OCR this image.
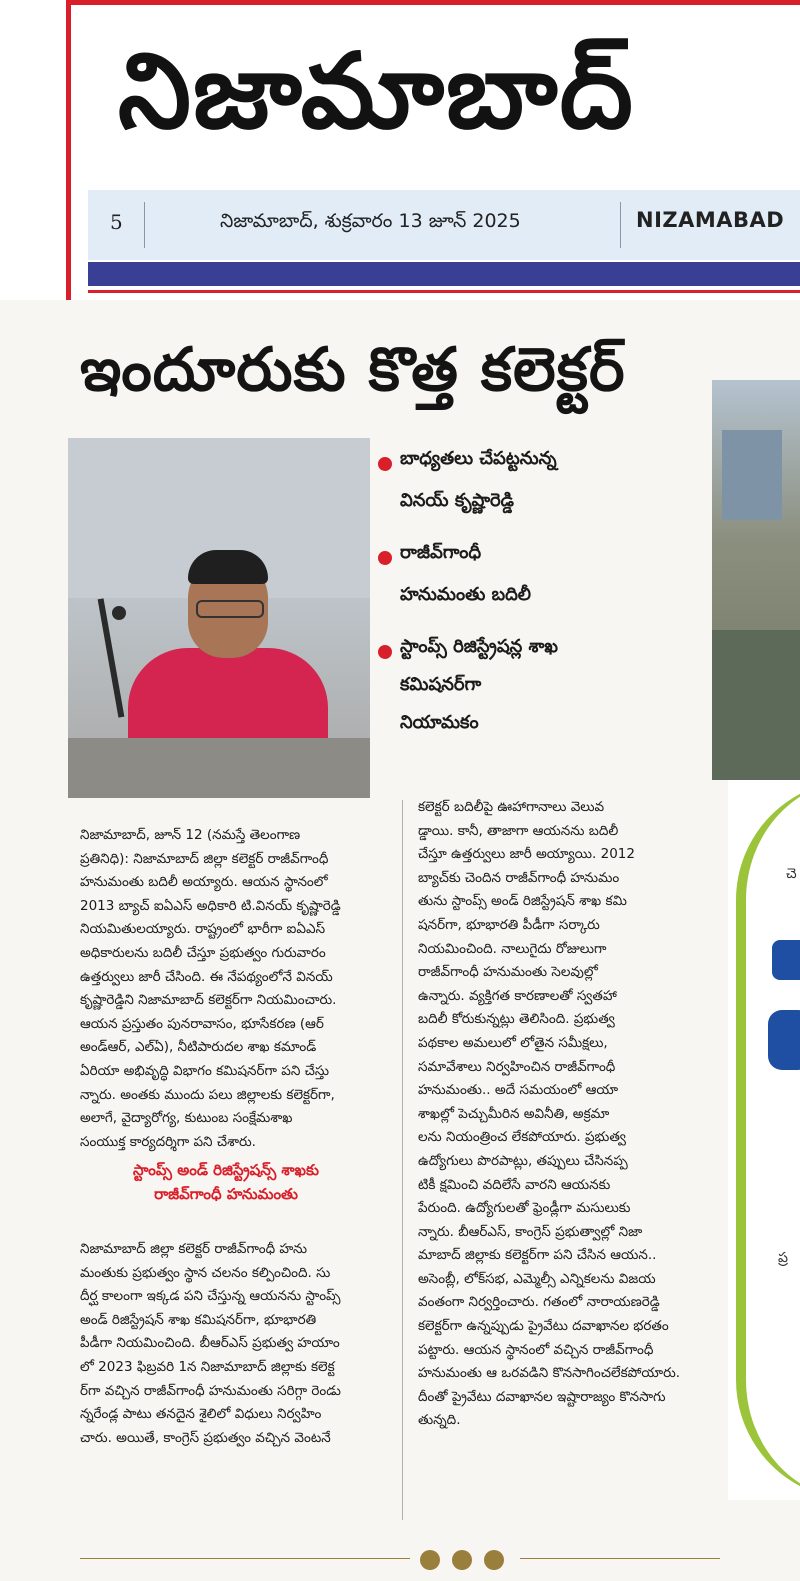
నిజామాబాద్
5	నిజామాబాద్, శుక్రవారం 13 జూన్ 2025	NIZAMABAD
ఇందూరుకు కొత్త కలెక్టర్
బాధ్యతలు చేపట్టనున్న
వినయ్ కృష్ణారెడ్డి
రాజీవ్‌గాంధీ
హనుమంతు బదిలీ
స్టాంప్స్ రిజిస్ట్రేషన్ల శాఖ
కమిషనర్‌గా
నియామకం
చె
ప్ర

నిజామాబాద్, జూన్ 12 (నమస్తే తెలంగాణ

ప్రతినిధి): నిజామాబాద్ జిల్లా కలెక్టర్ రాజీవ్‌గాంధీ

హనుమంతు బదిలీ అయ్యారు. ఆయన స్థానంలో

2013 బ్యాచ్ ఐఏఎస్ అధికారి టి.వినయ్ కృష్ణారెడ్డి

నియమితులయ్యారు. రాష్ట్రంలో భారీగా ఐఏఎస్

అధికారులను బదిలీ చేస్తూ ప్రభుత్వం గురువారం

ఉత్తర్వులు జారీ చేసింది. ఈ నేపథ్యంలోనే వినయ్

కృష్ణారెడ్డిని నిజామాబాద్ కలెక్టర్‌గా నియమించారు.

ఆయన ప్రస్తుతం పునరావాసం, భూసేకరణ (ఆర్

అండ్ఆర్, ఎల్ఏ), నీటిపారుదల శాఖ కమాండ్

ఏరియా అభివృద్ధి విభాగం కమిషనర్‌గా పని చేస్తు

న్నారు. అంతకు ముందు పలు జిల్లాలకు కలెక్టర్‌గా,

అలాగే, వైద్యారోగ్య, కుటుంబ సంక్షేమశాఖ

సంయుక్త కార్యదర్శిగా పని చేశారు.

స్టాంప్స్ అండ్ రిజిస్ట్రేషన్స్ శాఖకు
రాజీవ్‌గాంధీ హనుమంతు

నిజామాబాద్ జిల్లా కలెక్టర్ రాజీవ్‌గాంధీ హను

మంతుకు ప్రభుత్వం స్థాన చలనం కల్పించింది. సు

దీర్ఘ కాలంగా ఇక్కడ పని చేస్తున్న ఆయనను స్టాంప్స్

అండ్ రిజిస్ట్రేషన్ శాఖ కమిషనర్‌గా, భూభారతి

పీడీగా నియమించింది. బీఆర్ఎస్ ప్రభుత్వ హయాం

లో 2023 ఫిబ్రవరి 1న నిజామాబాద్ జిల్లాకు కలెక్ట

ర్‌గా వచ్చిన రాజీవ్‌గాంధీ హనుమంతు సరిగ్గా రెండు

న్నరేండ్ల పాటు తనదైన శైలిలో విధులు నిర్వహిం

చారు. అయితే, కాంగ్రెస్ ప్రభుత్వం వచ్చిన వెంటనే

కలెక్టర్ బదిలీపై ఊహాగానాలు వెలువ

డ్డాయి. కానీ, తాజాగా ఆయనను బదిలీ

చేస్తూ ఉత్తర్వులు జారీ అయ్యాయి. 2012

బ్యాచ్‌కు చెందిన రాజీవ్‌గాంధీ హనుమం

తును స్టాంప్స్ అండ్ రిజిస్ట్రేషన్ శాఖ కమి

షనర్‌గా, భూభారతి పీడీగా సర్కారు

నియమించింది. నాలుగైదు రోజులుగా

రాజీవ్‌గాంధీ హనుమంతు సెలవుల్లో

ఉన్నారు. వ్యక్తిగత కారణాలతో స్వతహా

బదిలీ కోరుకున్నట్లు తెలిసింది. ప్రభుత్వ

పథకాల అమలులో లోతైన సమీక్షలు,

సమావేశాలు నిర్వహించిన రాజీవ్‌గాంధీ

హనుమంతు.. అదే సమయంలో ఆయా

శాఖల్లో పెచ్చుమీరిన అవినీతి, అక్రమా

లను నియంత్రించ లేకపోయారు. ప్రభుత్వ

ఉద్యోగులు పొరపాట్లు, తప్పులు చేసినప్ప

టికీ క్షమించి వదిలేసే వారని ఆయనకు

పేరుంది. ఉద్యోగులతో ఫ్రెండ్లీగా మసులుకు

న్నారు. బీఆర్ఎస్, కాంగ్రెస్ ప్రభుత్వాల్లో నిజా

మాబాద్ జిల్లాకు కలెక్టర్‌గా పని చేసిన ఆయన..

అసెంబ్లీ, లోక్‌సభ, ఎమ్మెల్సీ ఎన్నికలను విజయ

వంతంగా నిర్వర్తించారు. గతంలో నారాయణరెడ్డి

కలెక్టర్‌గా ఉన్నప్పుడు ప్రైవేటు దవాఖానల భరతం

పట్టారు. ఆయన స్థానంలో వచ్చిన రాజీవ్‌గాంధీ

హనుమంతు ఆ ఒరవడిని కొనసాగించలేకపోయారు.

దీంతో ప్రైవేటు దవాఖానల ఇష్టారాజ్యం కొనసాగు

తున్నది.
